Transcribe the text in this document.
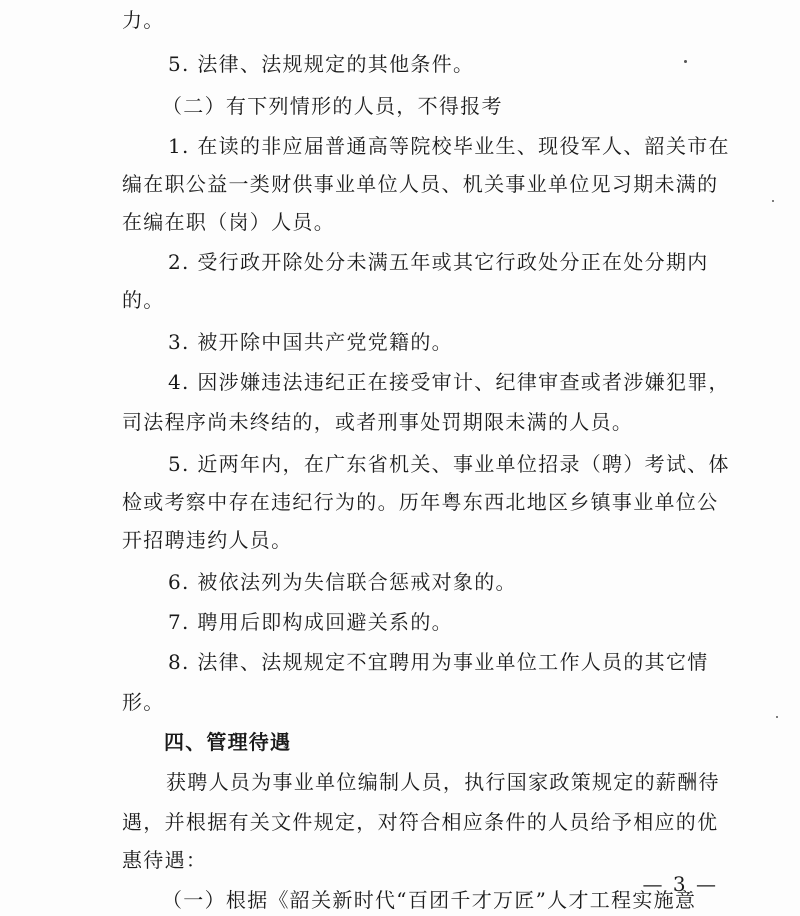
力。
5. 法律、法规规定的其他条件。
（二）有下列情形的人员，不得报考
1. 在读的非应届普通高等院校毕业生、现役军人、韶关市在
编在职公益一类财供事业单位人员、机关事业单位见习期未满的
在编在职（岗）人员。
2. 受行政开除处分未满五年或其它行政处分正在处分期内
的。
3. 被开除中国共产党党籍的。
4. 因涉嫌违法违纪正在接受审计、纪律审查或者涉嫌犯罪，
司法程序尚未终结的，或者刑事处罚期限未满的人员。
5. 近两年内，在广东省机关、事业单位招录（聘）考试、体
检或考察中存在违纪行为的。历年粤东西北地区乡镇事业单位公
开招聘违约人员。
6. 被依法列为失信联合惩戒对象的。
7. 聘用后即构成回避关系的。
8. 法律、法规规定不宜聘用为事业单位工作人员的其它情
形。
四、管理待遇
获聘人员为事业单位编制人员，执行国家政策规定的薪酬待
遇，并根据有关文件规定，对符合相应条件的人员给予相应的优
惠待遇：
（一）根据《韶关新时代“百团千才万匠”人才工程实施意
— 3 —
